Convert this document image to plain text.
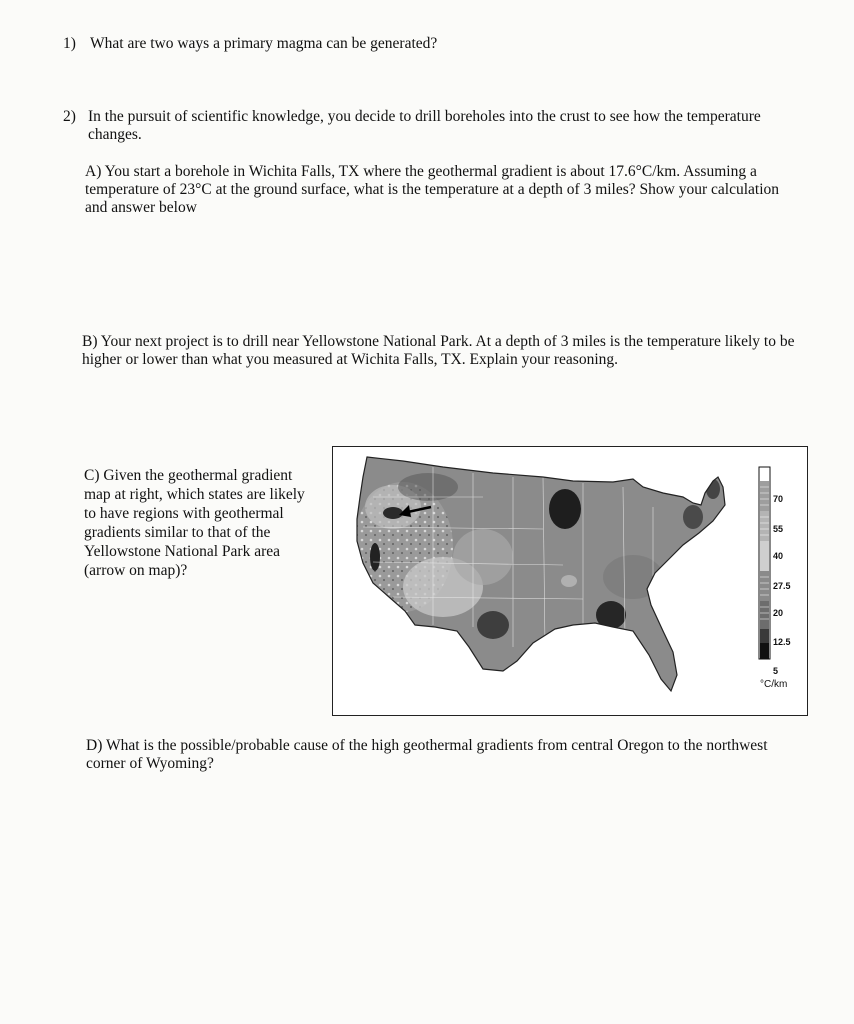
1) What are two ways a primary magma can be generated?
2) In the pursuit of scientific knowledge, you decide to drill boreholes into the crust to see how the temperature changes.
A) You start a borehole in Wichita Falls, TX where the geothermal gradient is about 17.6°C/km. Assuming a temperature of 23°C at the ground surface, what is the temperature at a depth of 3 miles? Show your calculation and answer below
B) Your next project is to drill near Yellowstone National Park. At a depth of 3 miles is the temperature likely to be higher or lower than what you measured at Wichita Falls, TX. Explain your reasoning.
C) Given the geothermal gradient map at right, which states are likely to have regions with geothermal gradients similar to that of the Yellowstone National Park area (arrow on map)?
D) What is the possible/probable cause of the high geothermal gradients from central Oregon to the northwest corner of Wyoming?
70
55
40
27.5
20
12.5
5
°C/km
